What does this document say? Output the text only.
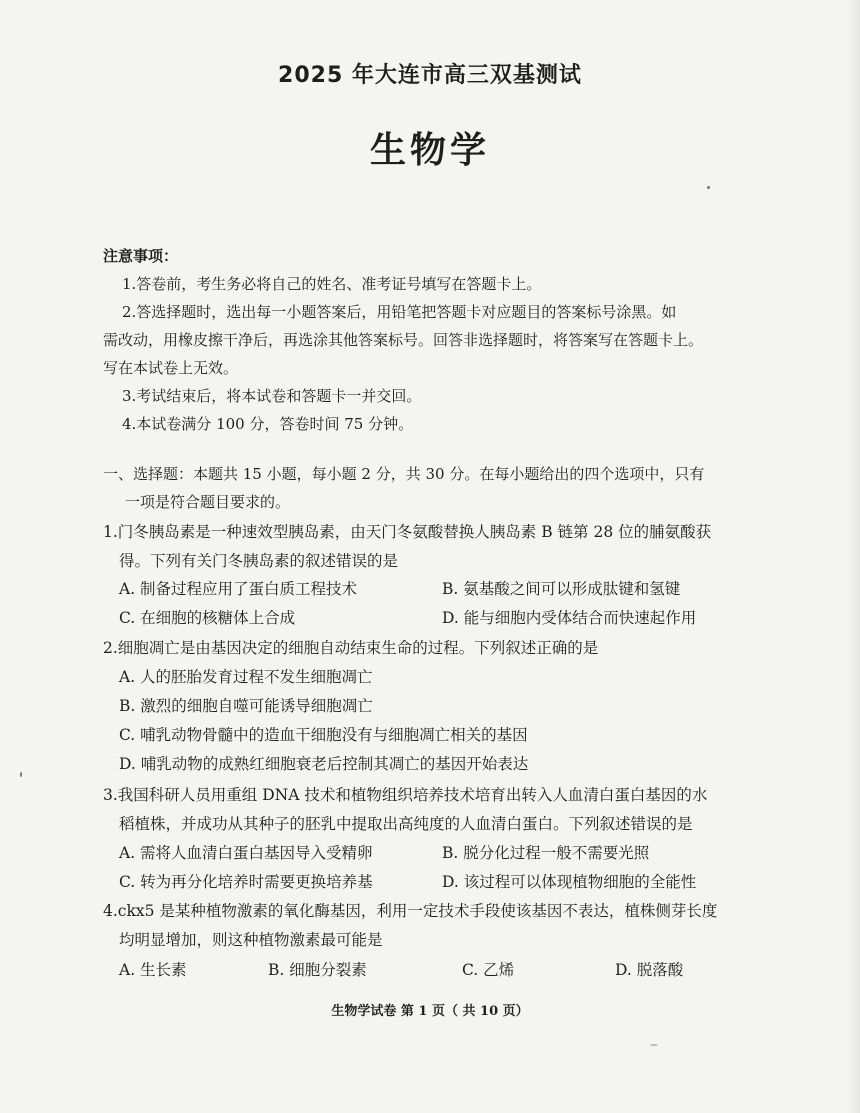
2025 年大连市高三双基测试
生物学
注意事项：
1.答卷前，考生务必将自己的姓名、准考证号填写在答题卡上。
2.答选择题时，选出每一小题答案后，用铅笔把答题卡对应题目的答案标号涂黑。如
需改动，用橡皮擦干净后，再选涂其他答案标号。回答非选择题时，将答案写在答题卡上。
写在本试卷上无效。
3.考试结束后，将本试卷和答题卡一并交回。
4.本试卷满分 100 分，答卷时间 75 分钟。
一、选择题：本题共 15 小题，每小题 2 分，共 30 分。在每小题给出的四个选项中，只有
一项是符合题目要求的。
1.门冬胰岛素是一种速效型胰岛素，由天门冬氨酸替换人胰岛素 B 链第 28 位的脯氨酸获
得。下列有关门冬胰岛素的叙述错误的是
A. 制备过程应用了蛋白质工程技术	B. 氨基酸之间可以形成肽键和氢键
C. 在细胞的核糖体上合成	D. 能与细胞内受体结合而快速起作用
2.细胞凋亡是由基因决定的细胞自动结束生命的过程。下列叙述正确的是
A. 人的胚胎发育过程不发生细胞凋亡
B. 激烈的细胞自噬可能诱导细胞凋亡
C. 哺乳动物骨髓中的造血干细胞没有与细胞凋亡相关的基因
D. 哺乳动物的成熟红细胞衰老后控制其凋亡的基因开始表达
3.我国科研人员用重组 DNA 技术和植物组织培养技术培育出转入人血清白蛋白基因的水
稻植株，并成功从其种子的胚乳中提取出高纯度的人血清白蛋白。下列叙述错误的是
A. 需将人血清白蛋白基因导入受精卵	B. 脱分化过程一般不需要光照
C. 转为再分化培养时需要更换培养基	D. 该过程可以体现植物细胞的全能性
4.ckx5 是某种植物激素的氧化酶基因，利用一定技术手段使该基因不表达，植株侧芽长度
均明显增加，则这种植物激素最可能是
A. 生长素	B. 细胞分裂素	C. 乙烯	D. 脱落酸
生物学试卷 第 1 页（ 共 10 页）
